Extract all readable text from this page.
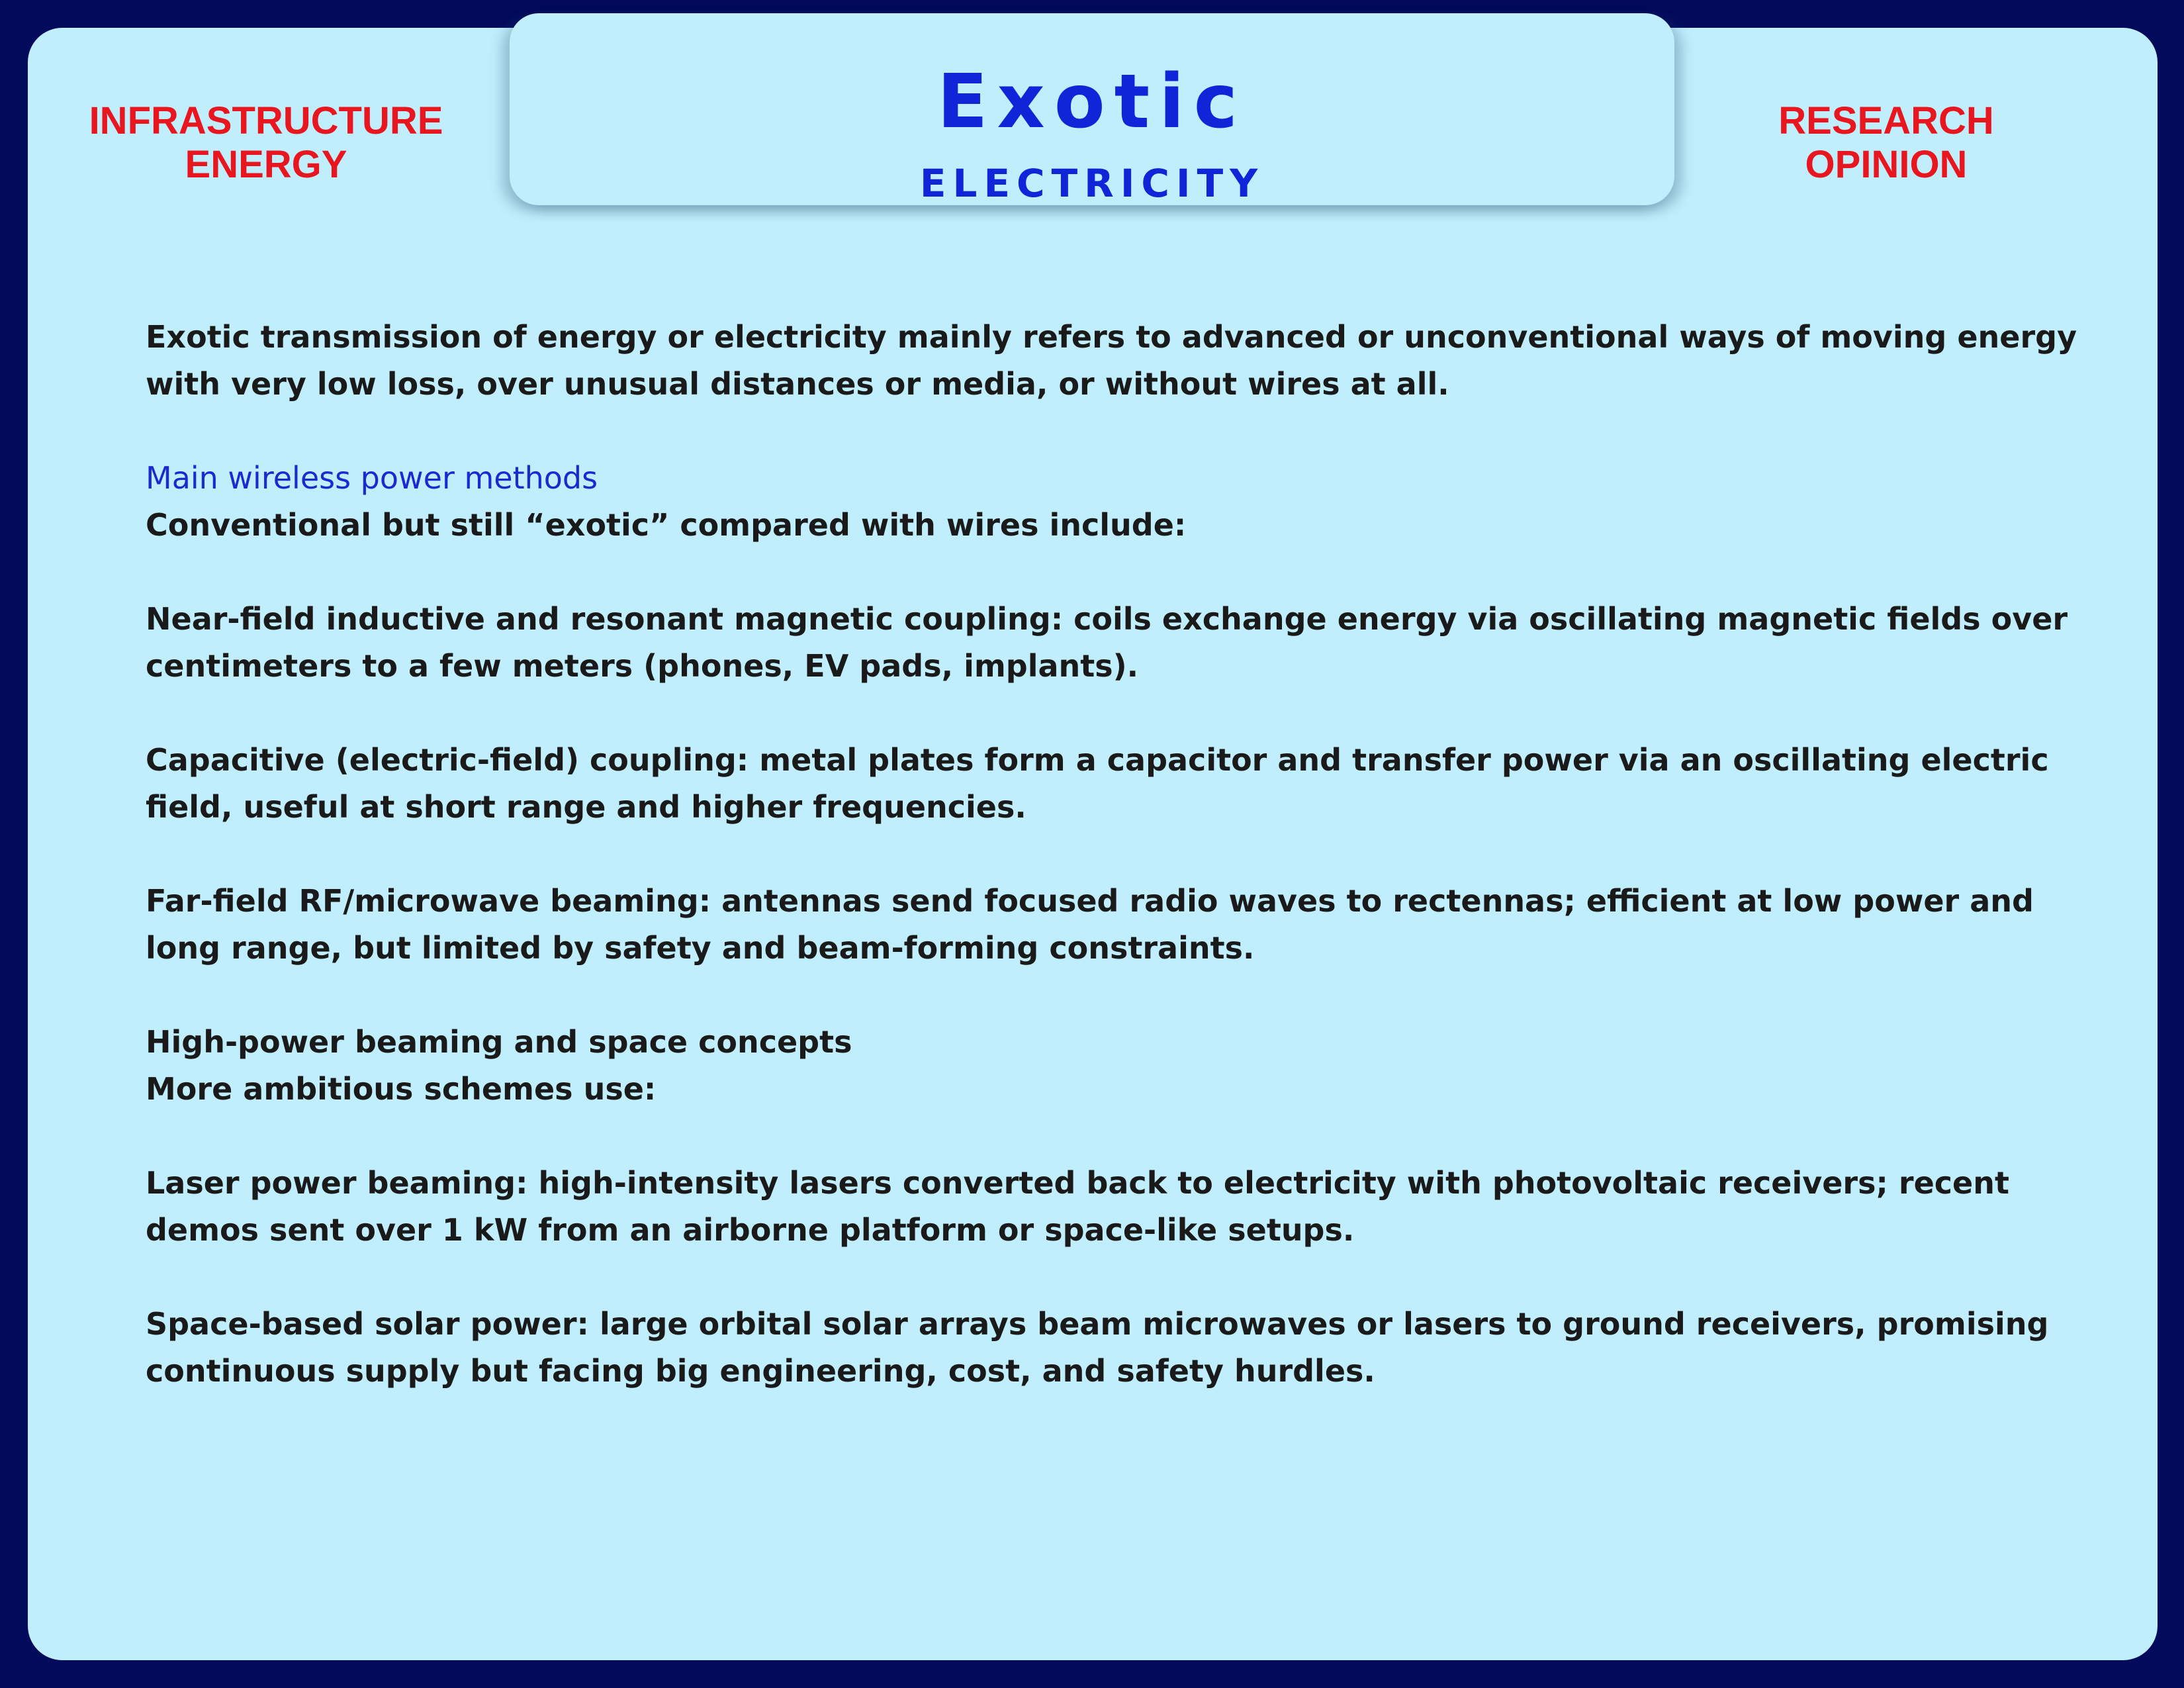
Exotic
ELECTRICITY
INFRASTRUCTURE
ENERGY
RESEARCH
OPINION

Exotic transmission of energy or electricity mainly refers to advanced or unconventional ways of moving energy with very low loss, over unusual distances or media, or without wires at all.

Main wireless power methods
Conventional but still “exotic” compared with wires include:

Near-field inductive and resonant magnetic coupling: coils exchange energy via oscillating magnetic fields over centimeters to a few meters (phones, EV pads, implants).

Capacitive (electric-field) coupling: metal plates form a capacitor and transfer power via an oscillating electric field, useful at short range and higher frequencies.

Far-field RF/microwave beaming: antennas send focused radio waves to rectennas; efficient at low power and long range, but limited by safety and beam-forming constraints.

High-power beaming and space concepts
More ambitious schemes use:

Laser power beaming: high-intensity lasers converted back to electricity with photovoltaic receivers; recent demos sent over 1 kW from an airborne platform or space-like setups.

Space-based solar power: large orbital solar arrays beam microwaves or lasers to ground receivers, promising continuous supply but facing big engineering, cost, and safety hurdles.
